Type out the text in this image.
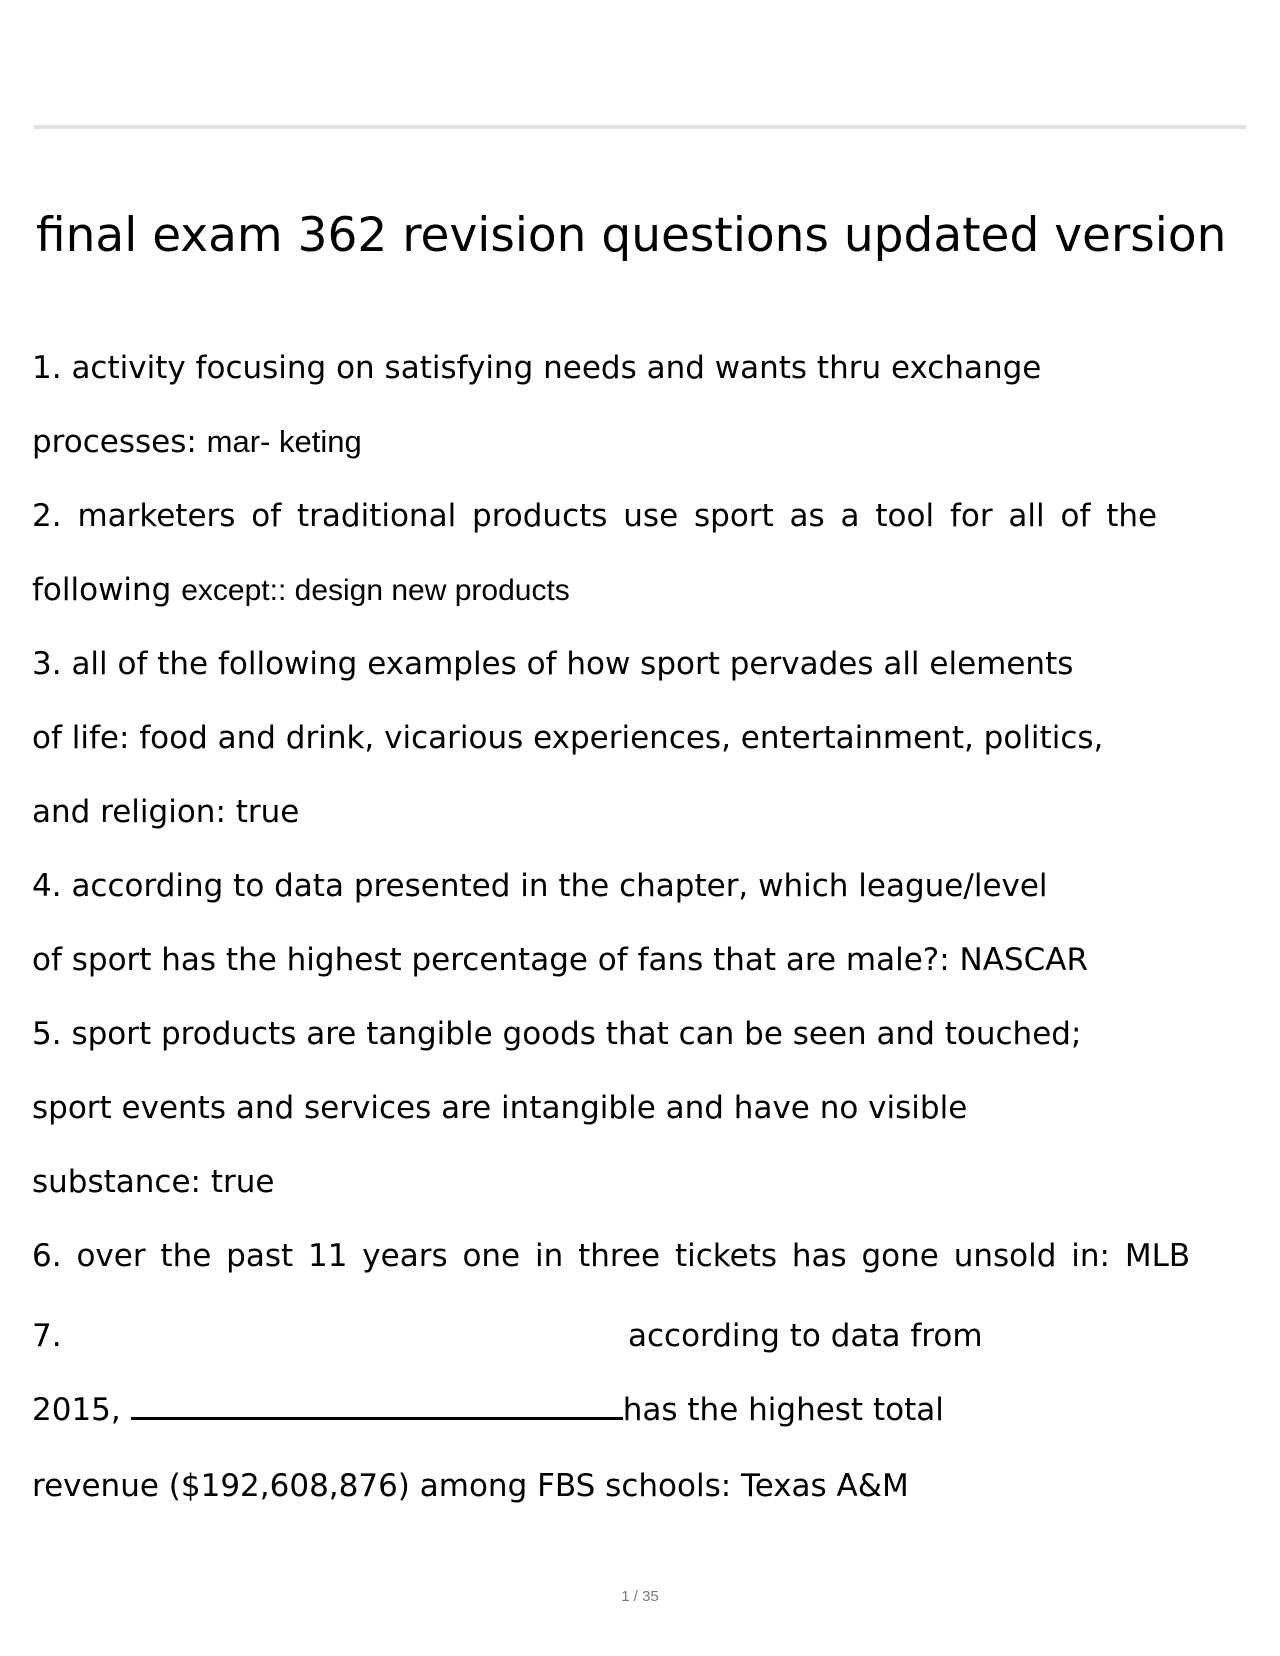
final exam 362 revision questions updated version
1. activity focusing on satisfying needs and wants thru exchange
processes: mar- keting
2. marketers of traditional products use sport as a tool for all of the
following except:: design new products
3. all of the following examples of how sport pervades all elements
of life: food and drink, vicarious experiences, entertainment, politics,
and religion: true
4. according to data presented in the chapter, which league/level
of sport has the highest percentage of fans that are male?: NASCAR
5. sport products are tangible goods that can be seen and touched;
sport events and services are intangible and have no visible
substance: true
6. over the past 11 years one in three tickets has gone unsold in: MLB
7.	according to data from
2015,	has the highest total
revenue ($192,608,876) among FBS schools: Texas A&M
1 / 35
